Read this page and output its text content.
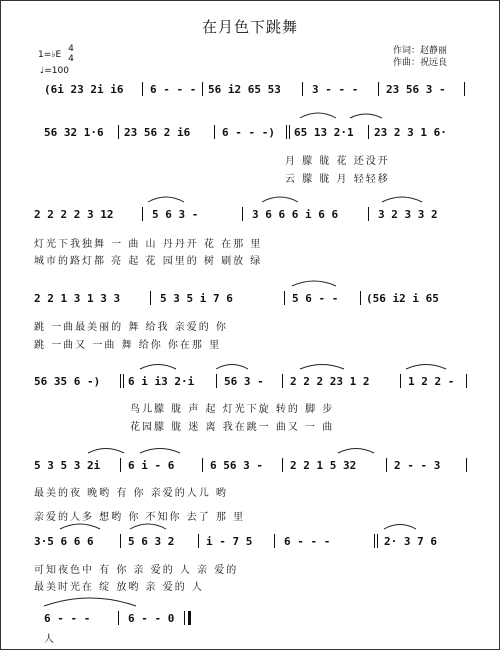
在月色下跳舞
1=♭E
4
4
♩=100
作词：赵静丽
作曲：祝远良
(6i 23 2i i6 6 - - - 56 i2 65 53	3 - - -	23 56 3 -
56 32 1·6 23 56 2 i6	6 - - -) 65 13 2·1 23 2 3 1 6·
月 朦 胧 花 还没开
云 朦 胧 月 轻轻移
2 2 2 2 3 12	5 6 3 -	3 6 6 6 i 6 6	3 2 3 3 2
灯光下我独舞 一 曲 山 丹丹开 花 在那 里
城市的路灯都 亮 起 花 园里的 树 刷放 绿
2 2 1 3 1 3 3	5 3 5 i 7 6	5 6 - -	(56 i2 i 65
跳 一曲最美丽的 舞 给我 亲爱的 你
跳 一曲又 一曲 舞 给你 你在那 里
56 35 6 -)	6 i i3 2·i	56 3 - 2 2 2 23 1 2	1 2 2 -
鸟儿朦 胧 声 起 灯光下旋 转的 脚 步
花园朦 胧 迷 离 我在跳一 曲又 一 曲
5 3 5 3 2i	6 i - 6	6 56 3 - 2 2 1 5 32	2 - - 3
最美的夜 晚哟 有 你 亲爱的人儿 哟
亲爱的人多 想哟 你 不知你 去了 那 里
3·5 6 6 6	5 6 3 2	i - 7 5	6 - - -	2· 3 7 6
可知夜色中 有 你 亲 爱的 人 亲 爱的
最美时光在 绽 放哟 亲 爱的 人
6 - - -	6 - - 0
人
